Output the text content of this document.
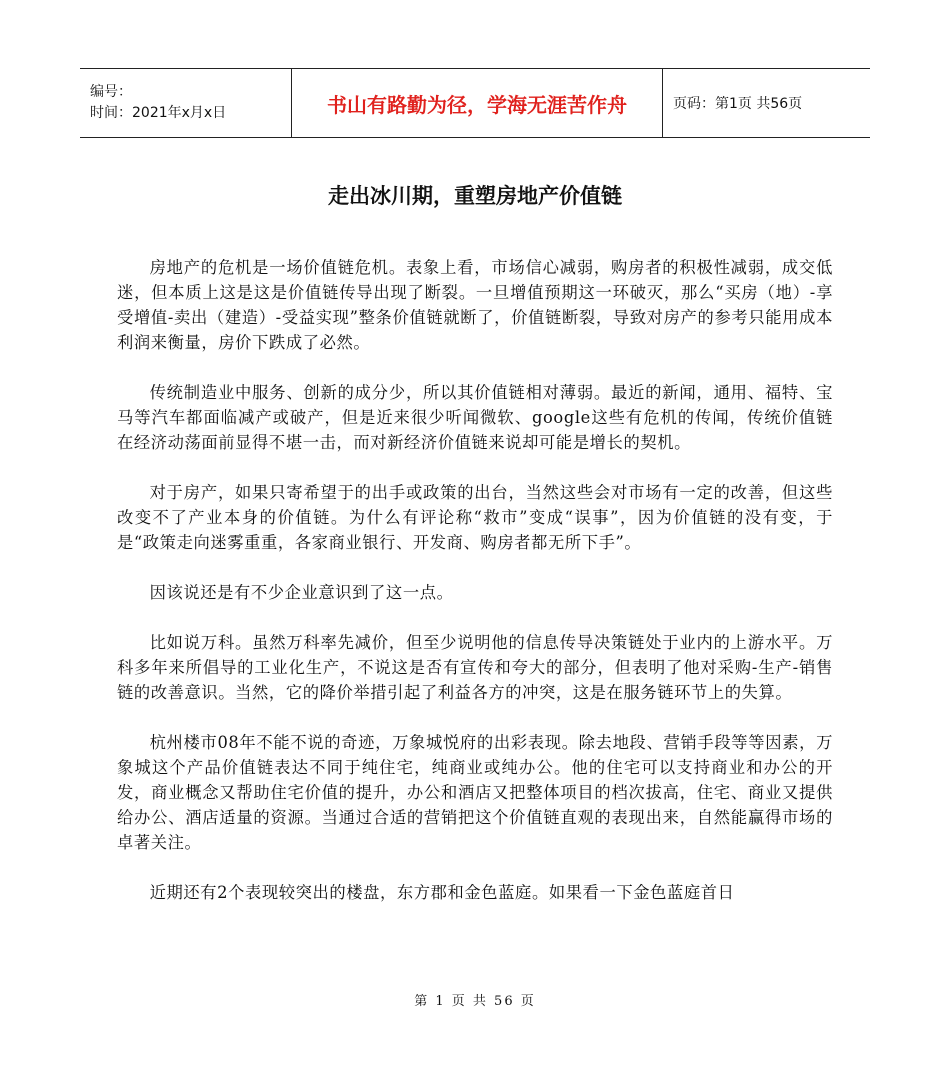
编号：
时间：2021年x月x日	书山有路勤为径，学海无涯苦作舟	页码：第1页 共56页
走出冰川期，重塑房地产价值链

房地产的危机是一场价值链危机。表象上看，市场信心减弱，购房者的积极性减弱，成交低迷，但本质上这是这是价值链传导出现了断裂。一旦增值预期这一环破灭，那么“买房（地）-享受增值-卖出（建造）-受益实现”整条价值链就断了，价值链断裂，导致对房产的参考只能用成本利润来衡量，房价下跌成了必然。

传统制造业中服务、创新的成分少，所以其价值链相对薄弱。最近的新闻，通用、福特、宝马等汽车都面临减产或破产，但是近来很少听闻微软、google这些有危机的传闻，传统价值链在经济动荡面前显得不堪一击，而对新经济价值链来说却可能是增长的契机。

对于房产，如果只寄希望于的出手或政策的出台，当然这些会对市场有一定的改善，但这些改变不了产业本身的价值链。为什么有评论称“救市”变成“误事”，因为价值链的没有变，于是“政策走向迷雾重重，各家商业银行、开发商、购房者都无所下手”。

因该说还是有不少企业意识到了这一点。

比如说万科。虽然万科率先减价，但至少说明他的信息传导决策链处于业内的上游水平。万科多年来所倡导的工业化生产，不说这是否有宣传和夸大的部分，但表明了他对采购-生产-销售链的改善意识。当然，它的降价举措引起了利益各方的冲突，这是在服务链环节上的失算。

杭州楼市08年不能不说的奇迹，万象城悦府的出彩表现。除去地段、营销手段等等因素，万象城这个产品价值链表达不同于纯住宅，纯商业或纯办公。他的住宅可以支持商业和办公的开发，商业概念又帮助住宅价值的提升，办公和酒店又把整体项目的档次拔高，住宅、商业又提供给办公、酒店适量的资源。当通过合适的营销把这个价值链直观的表现出来，自然能赢得市场的卓著关注。

近期还有2个表现较突出的楼盘，东方郡和金色蓝庭。如果看一下金色蓝庭首日

第 1 页 共 56 页
